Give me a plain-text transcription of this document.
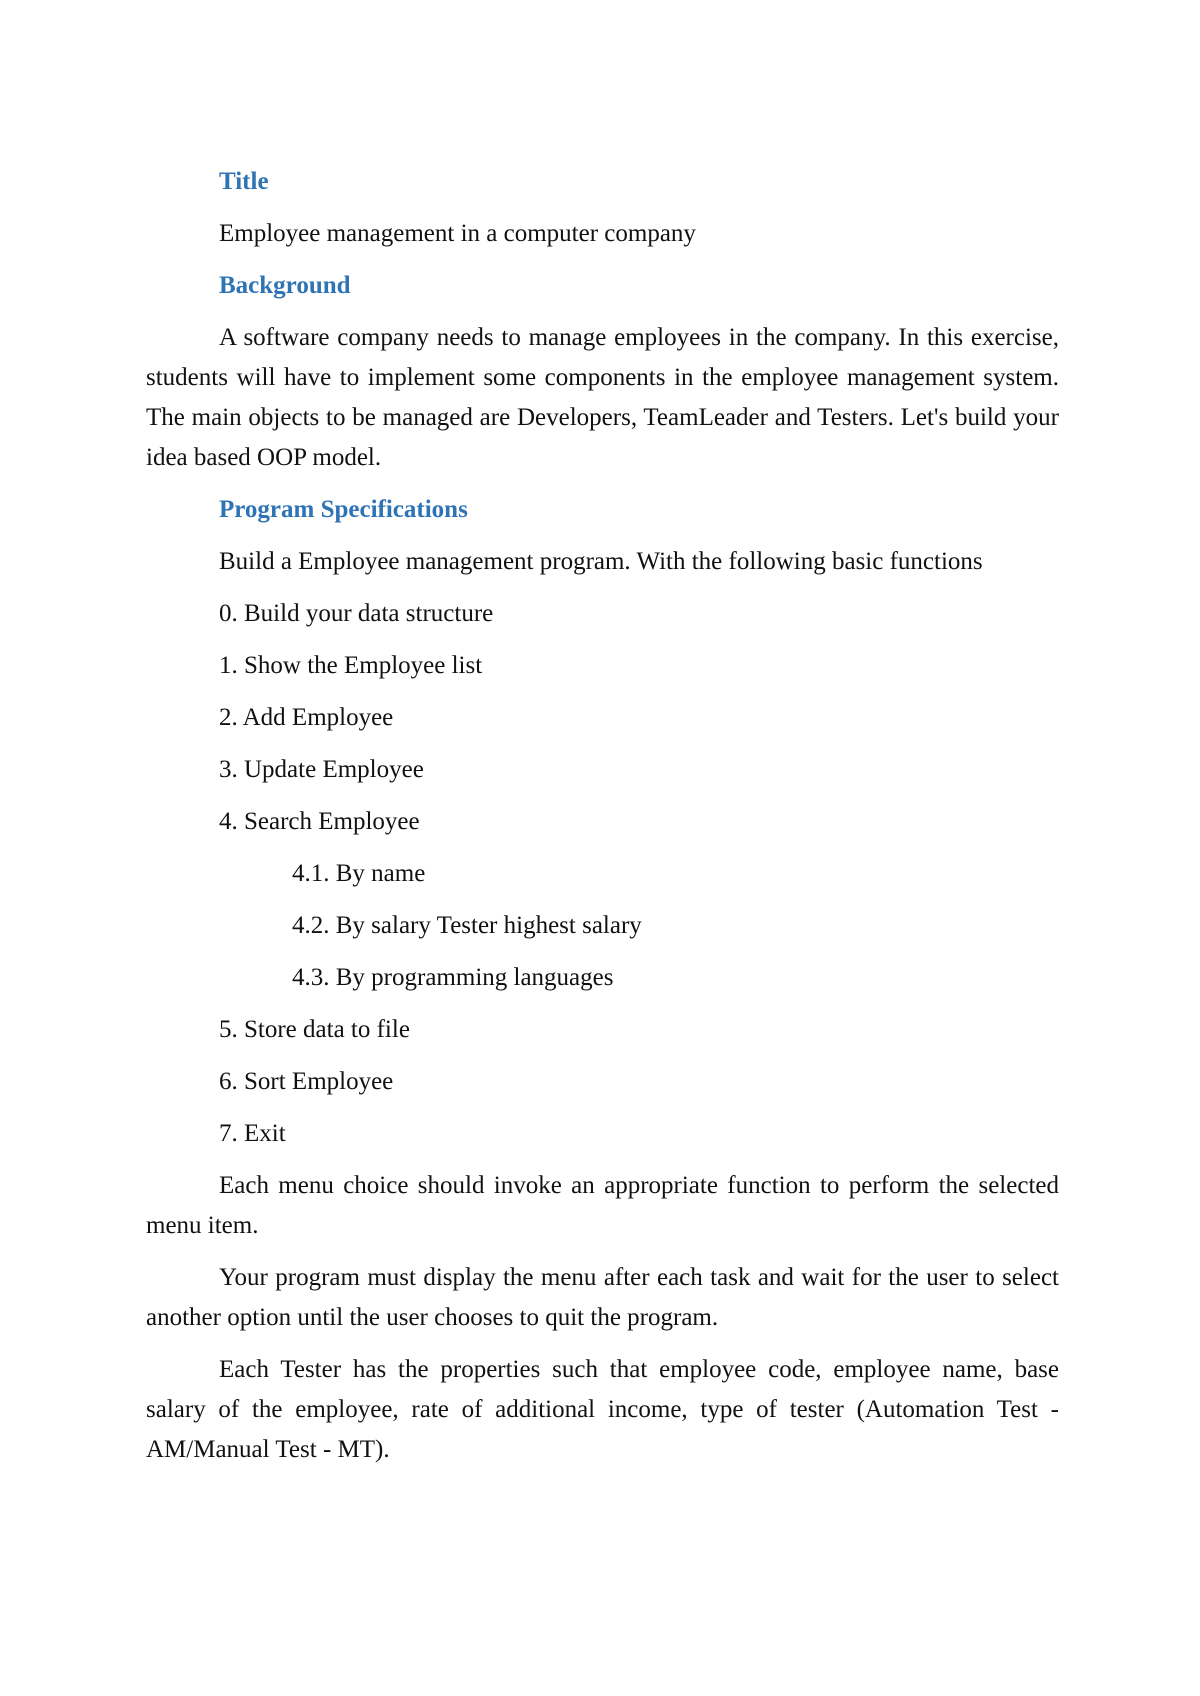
Title
Employee management in a computer company
Background

A software company needs to manage employees in the company. In this exercise, students will have to implement some components in the employee management system. The main objects to be managed are Developers, TeamLeader and Testers. Let's build your idea based OOP model.

Program Specifications

Build a Employee management program. With the following basic functions

0. Build your data structure
1. Show the Employee list
2. Add Employee
3. Update Employee
4. Search Employee
4.1. By name
4.2. By salary Tester highest salary
4.3. By programming languages
5. Store data to file
6. Sort Employee
7. Exit

Each menu choice should invoke an appropriate function to perform the selected menu item.

Your program must display the menu after each task and wait for the user to select another option until the user chooses to quit the program.

Each Tester has the properties such that employee code, employee name, base salary of the employee, rate of additional income, type of tester (Automation Test - AM/Manual Test - MT).
